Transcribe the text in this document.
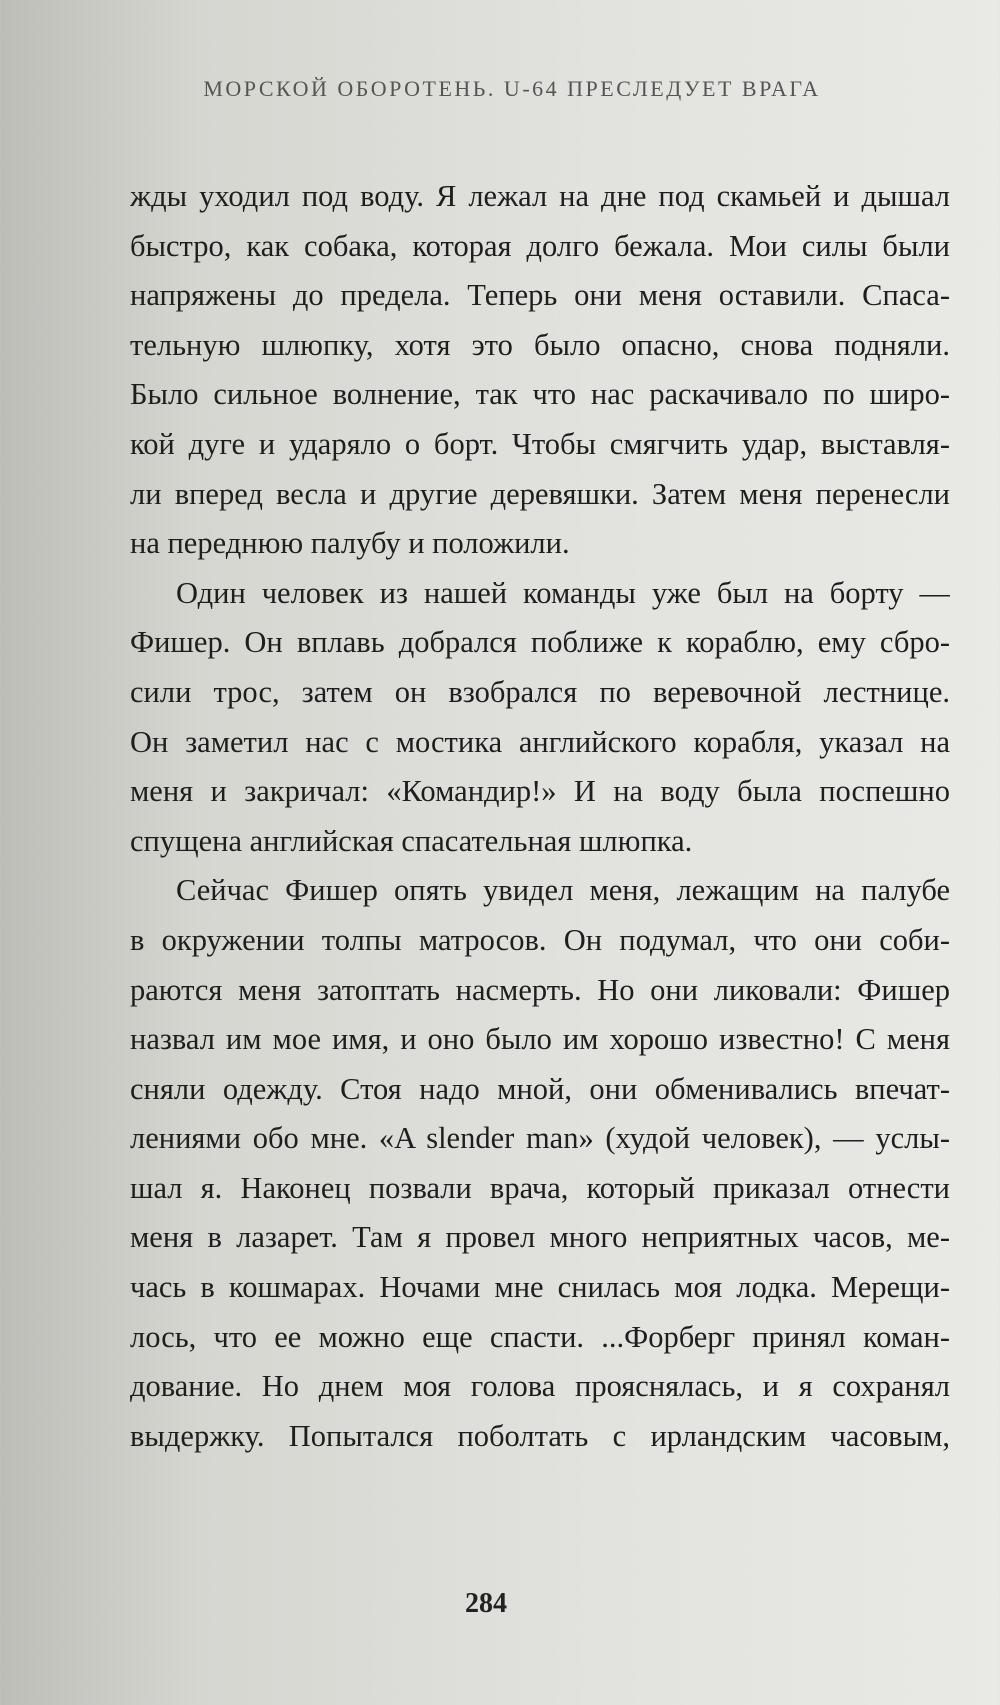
МОРСКОЙ ОБОРОТЕНЬ. U-64 ПРЕСЛЕДУЕТ ВРАГА
жды уходил под воду. Я лежал на дне под скамьей и дышал
быстро, как собака, которая долго бежала. Мои силы были
напряжены до предела. Теперь они меня оставили. Спаса-
тельную шлюпку, хотя это было опасно, снова подняли.
Было сильное волнение, так что нас раскачивало по широ-
кой дуге и ударяло о борт. Чтобы смягчить удар, выставля-
ли вперед весла и другие деревяшки. Затем меня перенесли
на переднюю палубу и положили.
Один человек из нашей команды уже был на борту —
Фишер. Он вплавь добрался поближе к кораблю, ему сбро-
сили трос, затем он взобрался по веревочной лестнице.
Он заметил нас с мостика английского корабля, указал на
меня и закричал: «Командир!» И на воду была поспешно
спущена английская спасательная шлюпка.
Сейчас Фишер опять увидел меня, лежащим на палубе
в окружении толпы матросов. Он подумал, что они соби-
раются меня затоптать насмерть. Но они ликовали: Фишер
назвал им мое имя, и оно было им хорошо известно! С меня
сняли одежду. Стоя надо мной, они обменивались впечат-
лениями обо мне. «A slender man» (худой человек), — услы-
шал я. Наконец позвали врача, который приказал отнести
меня в лазарет. Там я провел много неприятных часов, ме-
чась в кошмарах. Ночами мне снилась моя лодка. Мерещи-
лось, что ее можно еще спасти. ...Форберг принял коман-
дование. Но днем моя голова прояснялась, и я сохранял
выдержку. Попытался поболтать с ирландским часовым,
284
